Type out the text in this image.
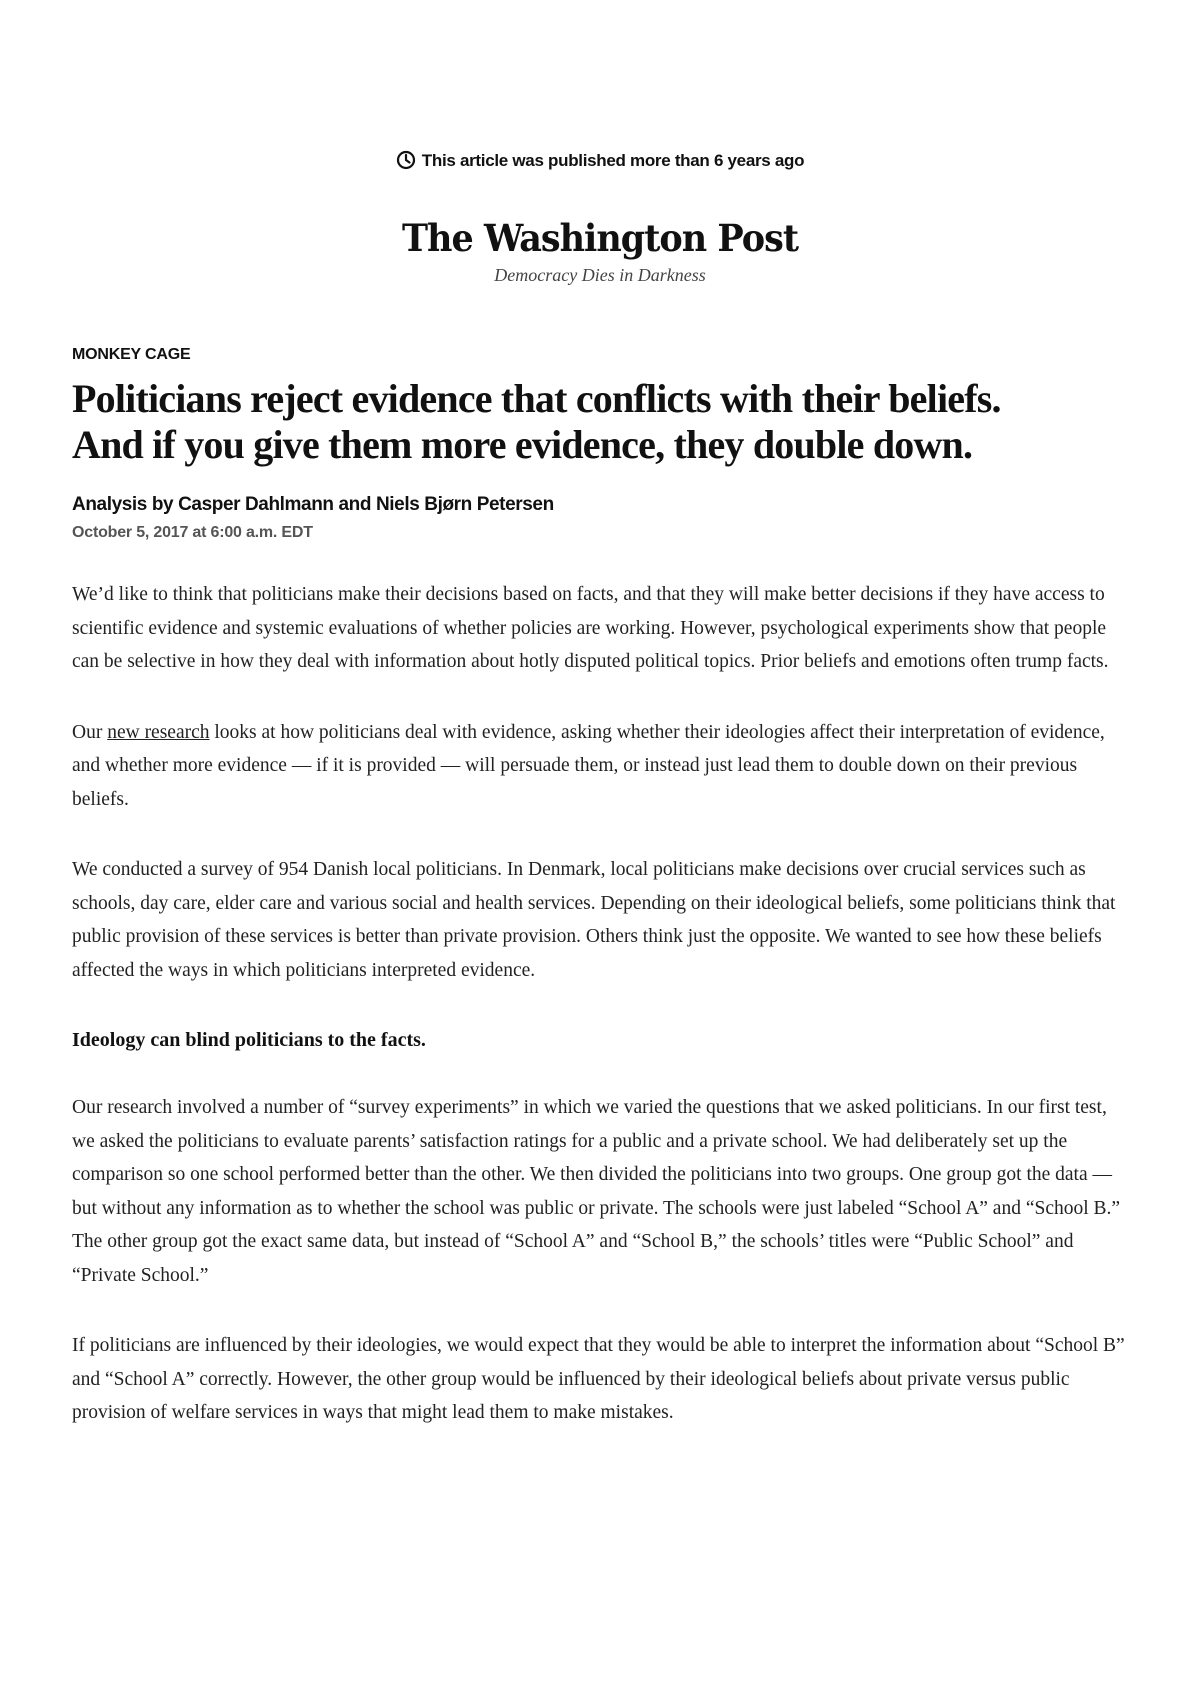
This article was published more than 6 years ago
The Washington Post
Democracy Dies in Darkness
MONKEY CAGE
Politicians reject evidence that conflicts with their beliefs.
And if you give them more evidence, they double down.
Analysis by Casper Dahlmann and Niels Bjørn Petersen
October 5, 2017 at 6:00 a.m. EDT

We’d like to think that politicians make their decisions based on facts, and that they will make better decisions if they have access to scientific evidence and systemic evaluations of whether policies are working. However, psychological experiments show that people can be selective in how they deal with information about hotly disputed political topics. Prior beliefs and emotions often trump facts.

Our new research looks at how politicians deal with evidence, asking whether their ideologies affect their interpretation of evidence, and whether more evidence — if it is provided — will persuade them, or instead just lead them to double down on their previous beliefs.

We conducted a survey of 954 Danish local politicians. In Denmark, local politicians make decisions over crucial services such as schools, day care, elder care and various social and health services. Depending on their ideological beliefs, some politicians think that public provision of these services is better than private provision. Others think just the opposite. We wanted to see how these beliefs affected the ways in which politicians interpreted evidence.

Ideology can blind politicians to the facts.

Our research involved a number of “survey experiments” in which we varied the questions that we asked politicians. In our first test, we asked the politicians to evaluate parents’ satisfaction ratings for a public and a private school. We had deliberately set up the comparison so one school performed better than the other. We then divided the politicians into two groups. One group got the data — but without any information as to whether the school was public or private. The schools were just labeled “School A” and “School B.” The other group got the exact same data, but instead of “School A” and “School B,” the schools’ titles were “Public School” and “Private School.”

If politicians are influenced by their ideologies, we would expect that they would be able to interpret the information about “School B” and “School A” correctly. However, the other group would be influenced by their ideological beliefs about private versus public provision of welfare services in ways that might lead them to make mistakes.
